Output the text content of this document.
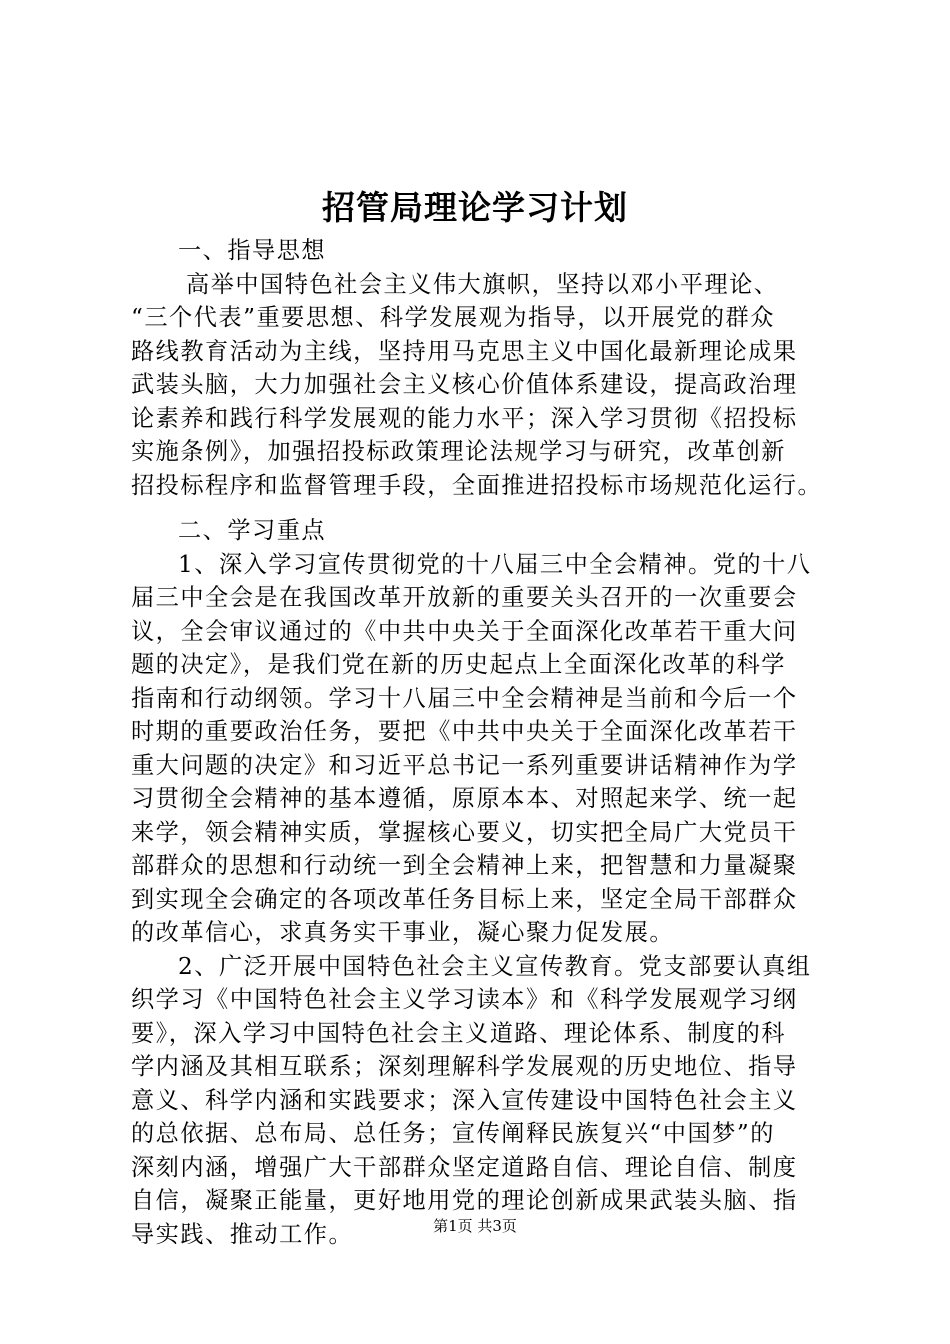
招管局理论学习计划
一、指导思想
高举中国特色社会主义伟大旗帜，坚持以邓小平理论、
“三个代表”重要思想、科学发展观为指导，以开展党的群众
路线教育活动为主线，坚持用马克思主义中国化最新理论成果
武装头脑，大力加强社会主义核心价值体系建设，提高政治理
论素养和践行科学发展观的能力水平；深入学习贯彻《招投标
实施条例》，加强招投标政策理论法规学习与研究，改革创新
招投标程序和监督管理手段，全面推进招投标市场规范化运行。
二、学习重点
1、深入学习宣传贯彻党的十八届三中全会精神。党的十八
届三中全会是在我国改革开放新的重要关头召开的一次重要会
议，全会审议通过的《中共中央关于全面深化改革若干重大问
题的决定》，是我们党在新的历史起点上全面深化改革的科学
指南和行动纲领。学习十八届三中全会精神是当前和今后一个
时期的重要政治任务，要把《中共中央关于全面深化改革若干
重大问题的决定》和习近平总书记一系列重要讲话精神作为学
习贯彻全会精神的基本遵循，原原本本、对照起来学、统一起
来学，领会精神实质，掌握核心要义，切实把全局广大党员干
部群众的思想和行动统一到全会精神上来，把智慧和力量凝聚
到实现全会确定的各项改革任务目标上来，坚定全局干部群众
的改革信心，求真务实干事业，凝心聚力促发展。
2、广泛开展中国特色社会主义宣传教育。党支部要认真组
织学习《中国特色社会主义学习读本》和《科学发展观学习纲
要》，深入学习中国特色社会主义道路、理论体系、制度的科
学内涵及其相互联系；深刻理解科学发展观的历史地位、指导
意义、科学内涵和实践要求；深入宣传建设中国特色社会主义
的总依据、总布局、总任务；宣传阐释民族复兴“中国梦”的
深刻内涵，增强广大干部群众坚定道路自信、理论自信、制度
自信，凝聚正能量，更好地用党的理论创新成果武装头脑、指
导实践、推动工作。	第1页 共3页
